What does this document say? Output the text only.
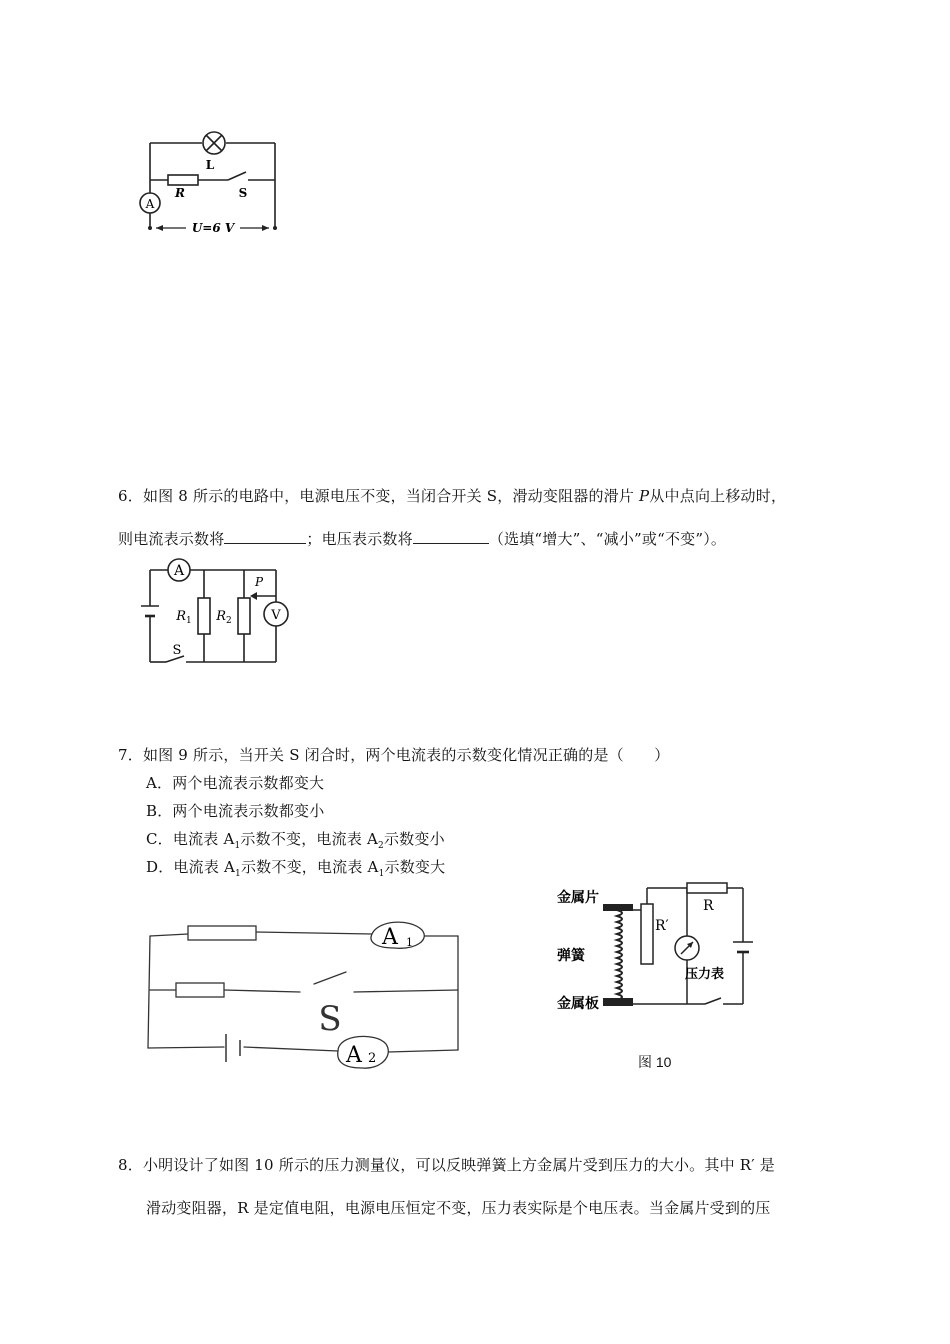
A
L
R	S
U=6 V
6．如图 8 所示的电路中，电源电压不变，当闭合开关 S，滑动变阻器的滑片 P从中点向上移动时，
则电流表示数将	；电压表示数将	（选填“增大”、“减小”或“不变”）。
A
$R_1$ $R_2$
P
V
S
7．如图 9 所示，当开关 S 闭合时，两个电流表的示数变化情况正确的是（　　）
A．两个电流表示数都变大
B．两个电流表示数都变小
C．电流表 $A_1$示数不变，电流表 $A_2$示数变小
D．电流表 $A_1$示数不变，电流表 $A_1$示数变大
A 1
A 2
S
金属片
弹簧
金属板
R′
R
压力表
图 10
8．小明设计了如图 10 所示的压力测量仪，可以反映弹簧上方金属片受到压力的大小。其中 R′ 是
滑动变阻器，R 是定值电阻，电源电压恒定不变，压力表实际是个电压表。当金属片受到的压
